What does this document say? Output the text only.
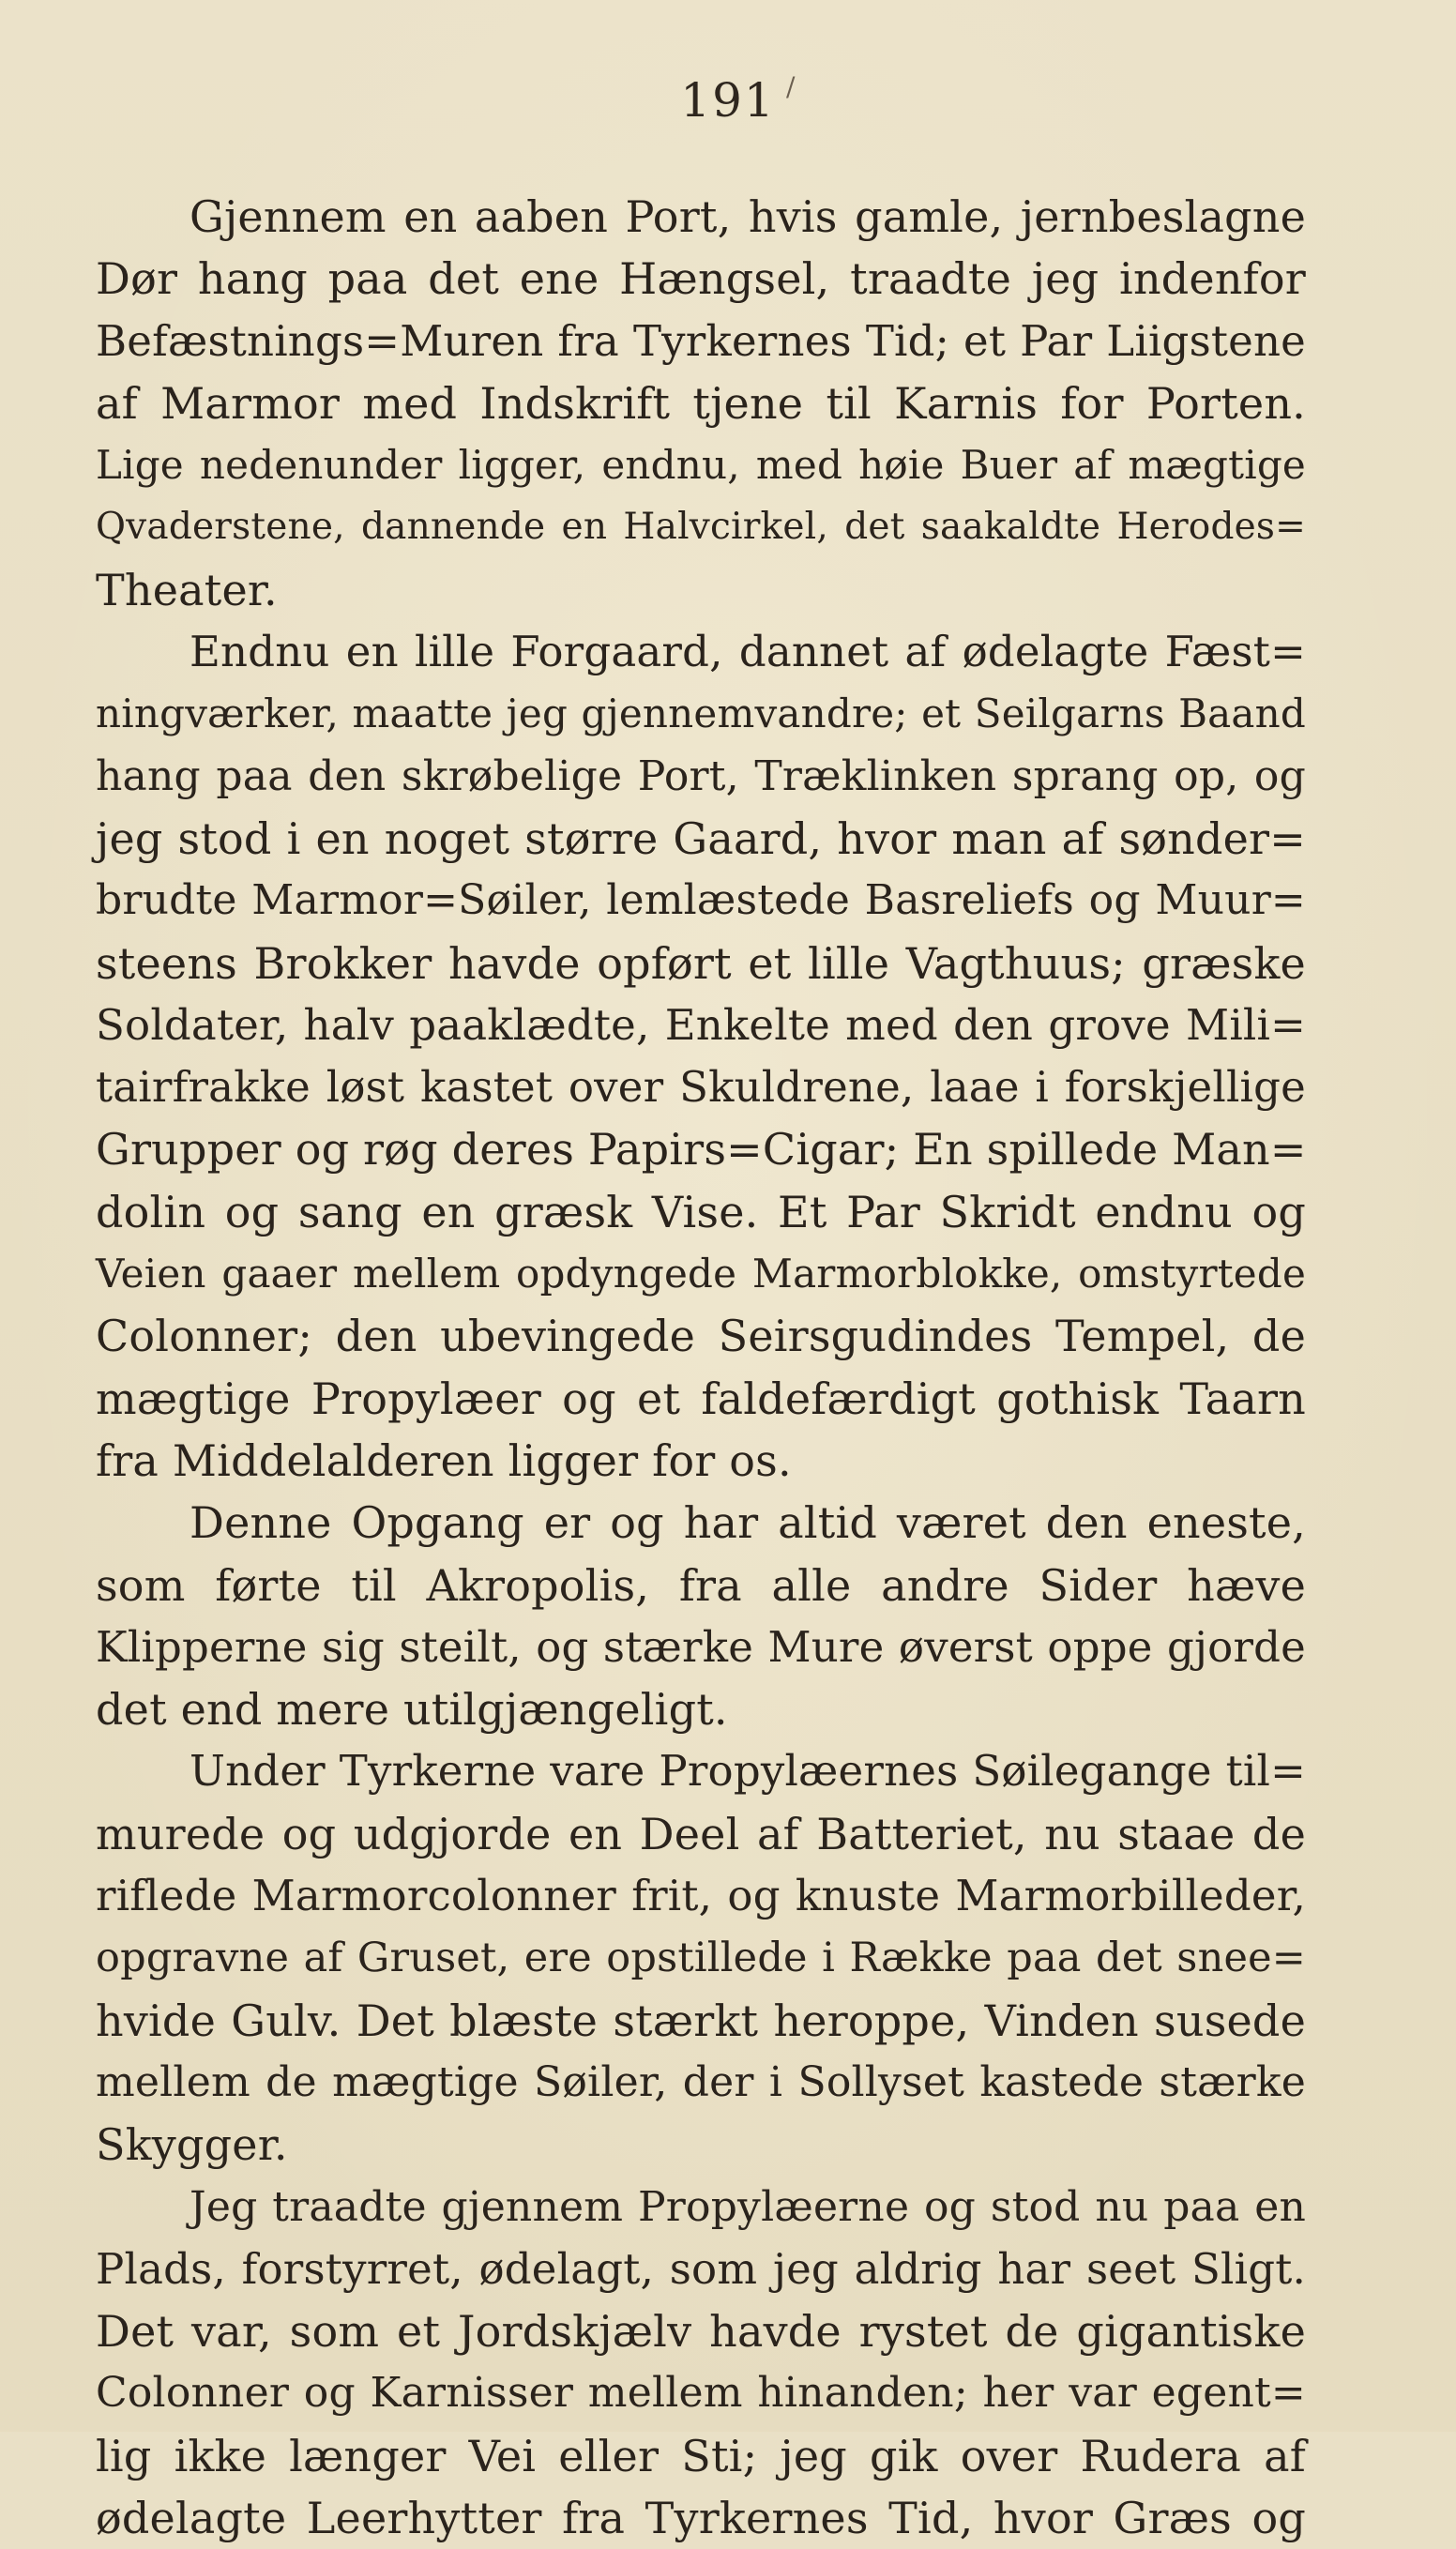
191 /
Gjennem en aaben Port, hvis gamle, jernbeslagne
Dør hang paa det ene Hængsel, traadte jeg indenfor
Befæstnings=Muren fra Tyrkernes Tid; et Par Liigstene
af Marmor med Indskrift tjene til Karnis for Porten.
Lige nedenunder ligger, endnu, med høie Buer af mægtige
Qvaderstene, dannende en Halvcirkel, det saakaldte Herodes=
Theater.
Endnu en lille Forgaard, dannet af ødelagte Fæst=
ningværker, maatte jeg gjennemvandre; et Seilgarns Baand
hang paa den skrøbelige Port, Træklinken sprang op, og
jeg stod i en noget større Gaard, hvor man af sønder=
brudte Marmor=Søiler, lemlæstede Basreliefs og Muur=
steens Brokker havde opført et lille Vagthuus; græske
Soldater, halv paaklædte, Enkelte med den grove Mili=
tairfrakke løst kastet over Skuldrene, laae i forskjellige
Grupper og røg deres Papirs=Cigar; En spillede Man=
dolin og sang en græsk Vise. Et Par Skridt endnu og
Veien gaaer mellem opdyngede Marmorblokke, omstyrtede
Colonner; den ubevingede Seirsgudindes Tempel, de
mægtige Propylæer og et faldefærdigt gothisk Taarn
fra Middelalderen ligger for os.
Denne Opgang er og har altid været den eneste,
som førte til Akropolis, fra alle andre Sider hæve
Klipperne sig steilt, og stærke Mure øverst oppe gjorde
det end mere utilgjængeligt.
Under Tyrkerne vare Propylæernes Søilegange til=
murede og udgjorde en Deel af Batteriet, nu staae de
riflede Marmorcolonner frit, og knuste Marmorbilleder,
opgravne af Gruset, ere opstillede i Række paa det snee=
hvide Gulv. Det blæste stærkt heroppe, Vinden susede
mellem de mægtige Søiler, der i Sollyset kastede stærke
Skygger.
Jeg traadte gjennem Propylæerne og stod nu paa en
Plads, forstyrret, ødelagt, som jeg aldrig har seet Sligt.
Det var, som et Jordskjælv havde rystet de gigantiske
Colonner og Karnisser mellem hinanden; her var egent=
lig ikke længer Vei eller Sti; jeg gik over Rudera af
ødelagte Leerhytter fra Tyrkernes Tid, hvor Græs og
